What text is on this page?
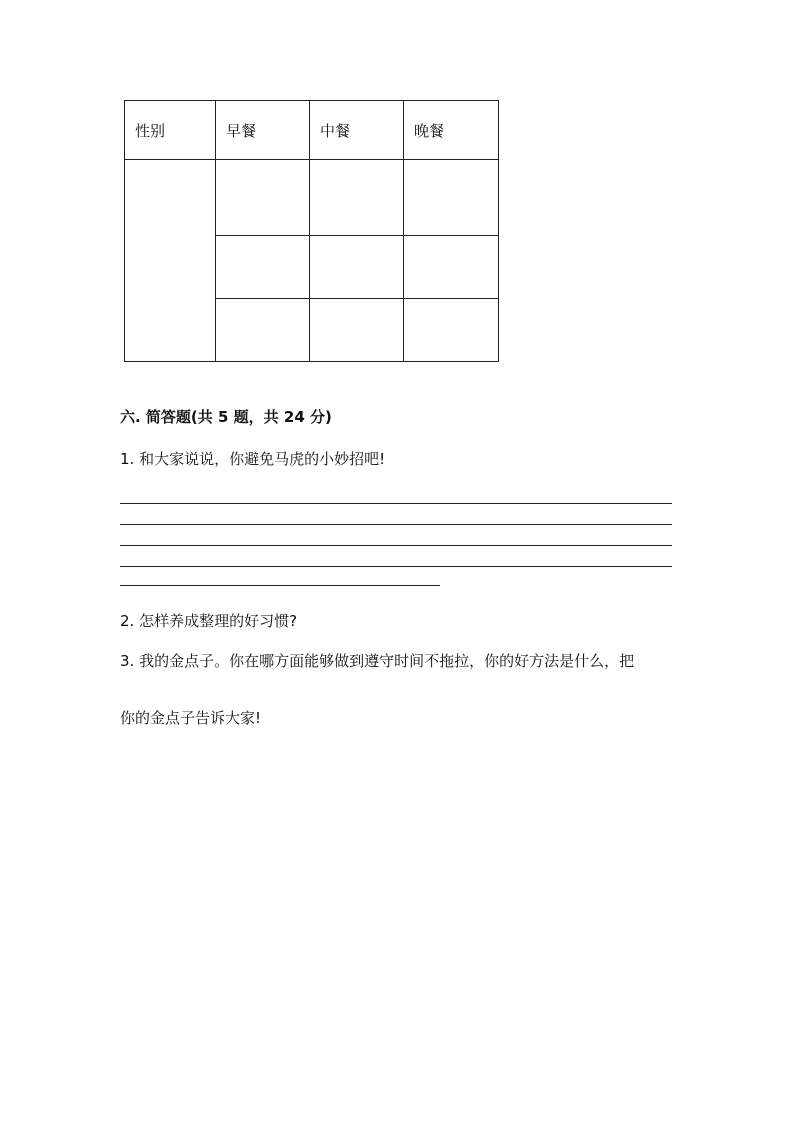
性别	早餐	中餐	晚餐

六. 简答题(共 5 题，共 24 分)
1. 和大家说说，你避免马虎的小妙招吧!
2. 怎样养成整理的好习惯?
3. 我的金点子。你在哪方面能够做到遵守时间不拖拉，你的好方法是什么，把
你的金点子告诉大家!
